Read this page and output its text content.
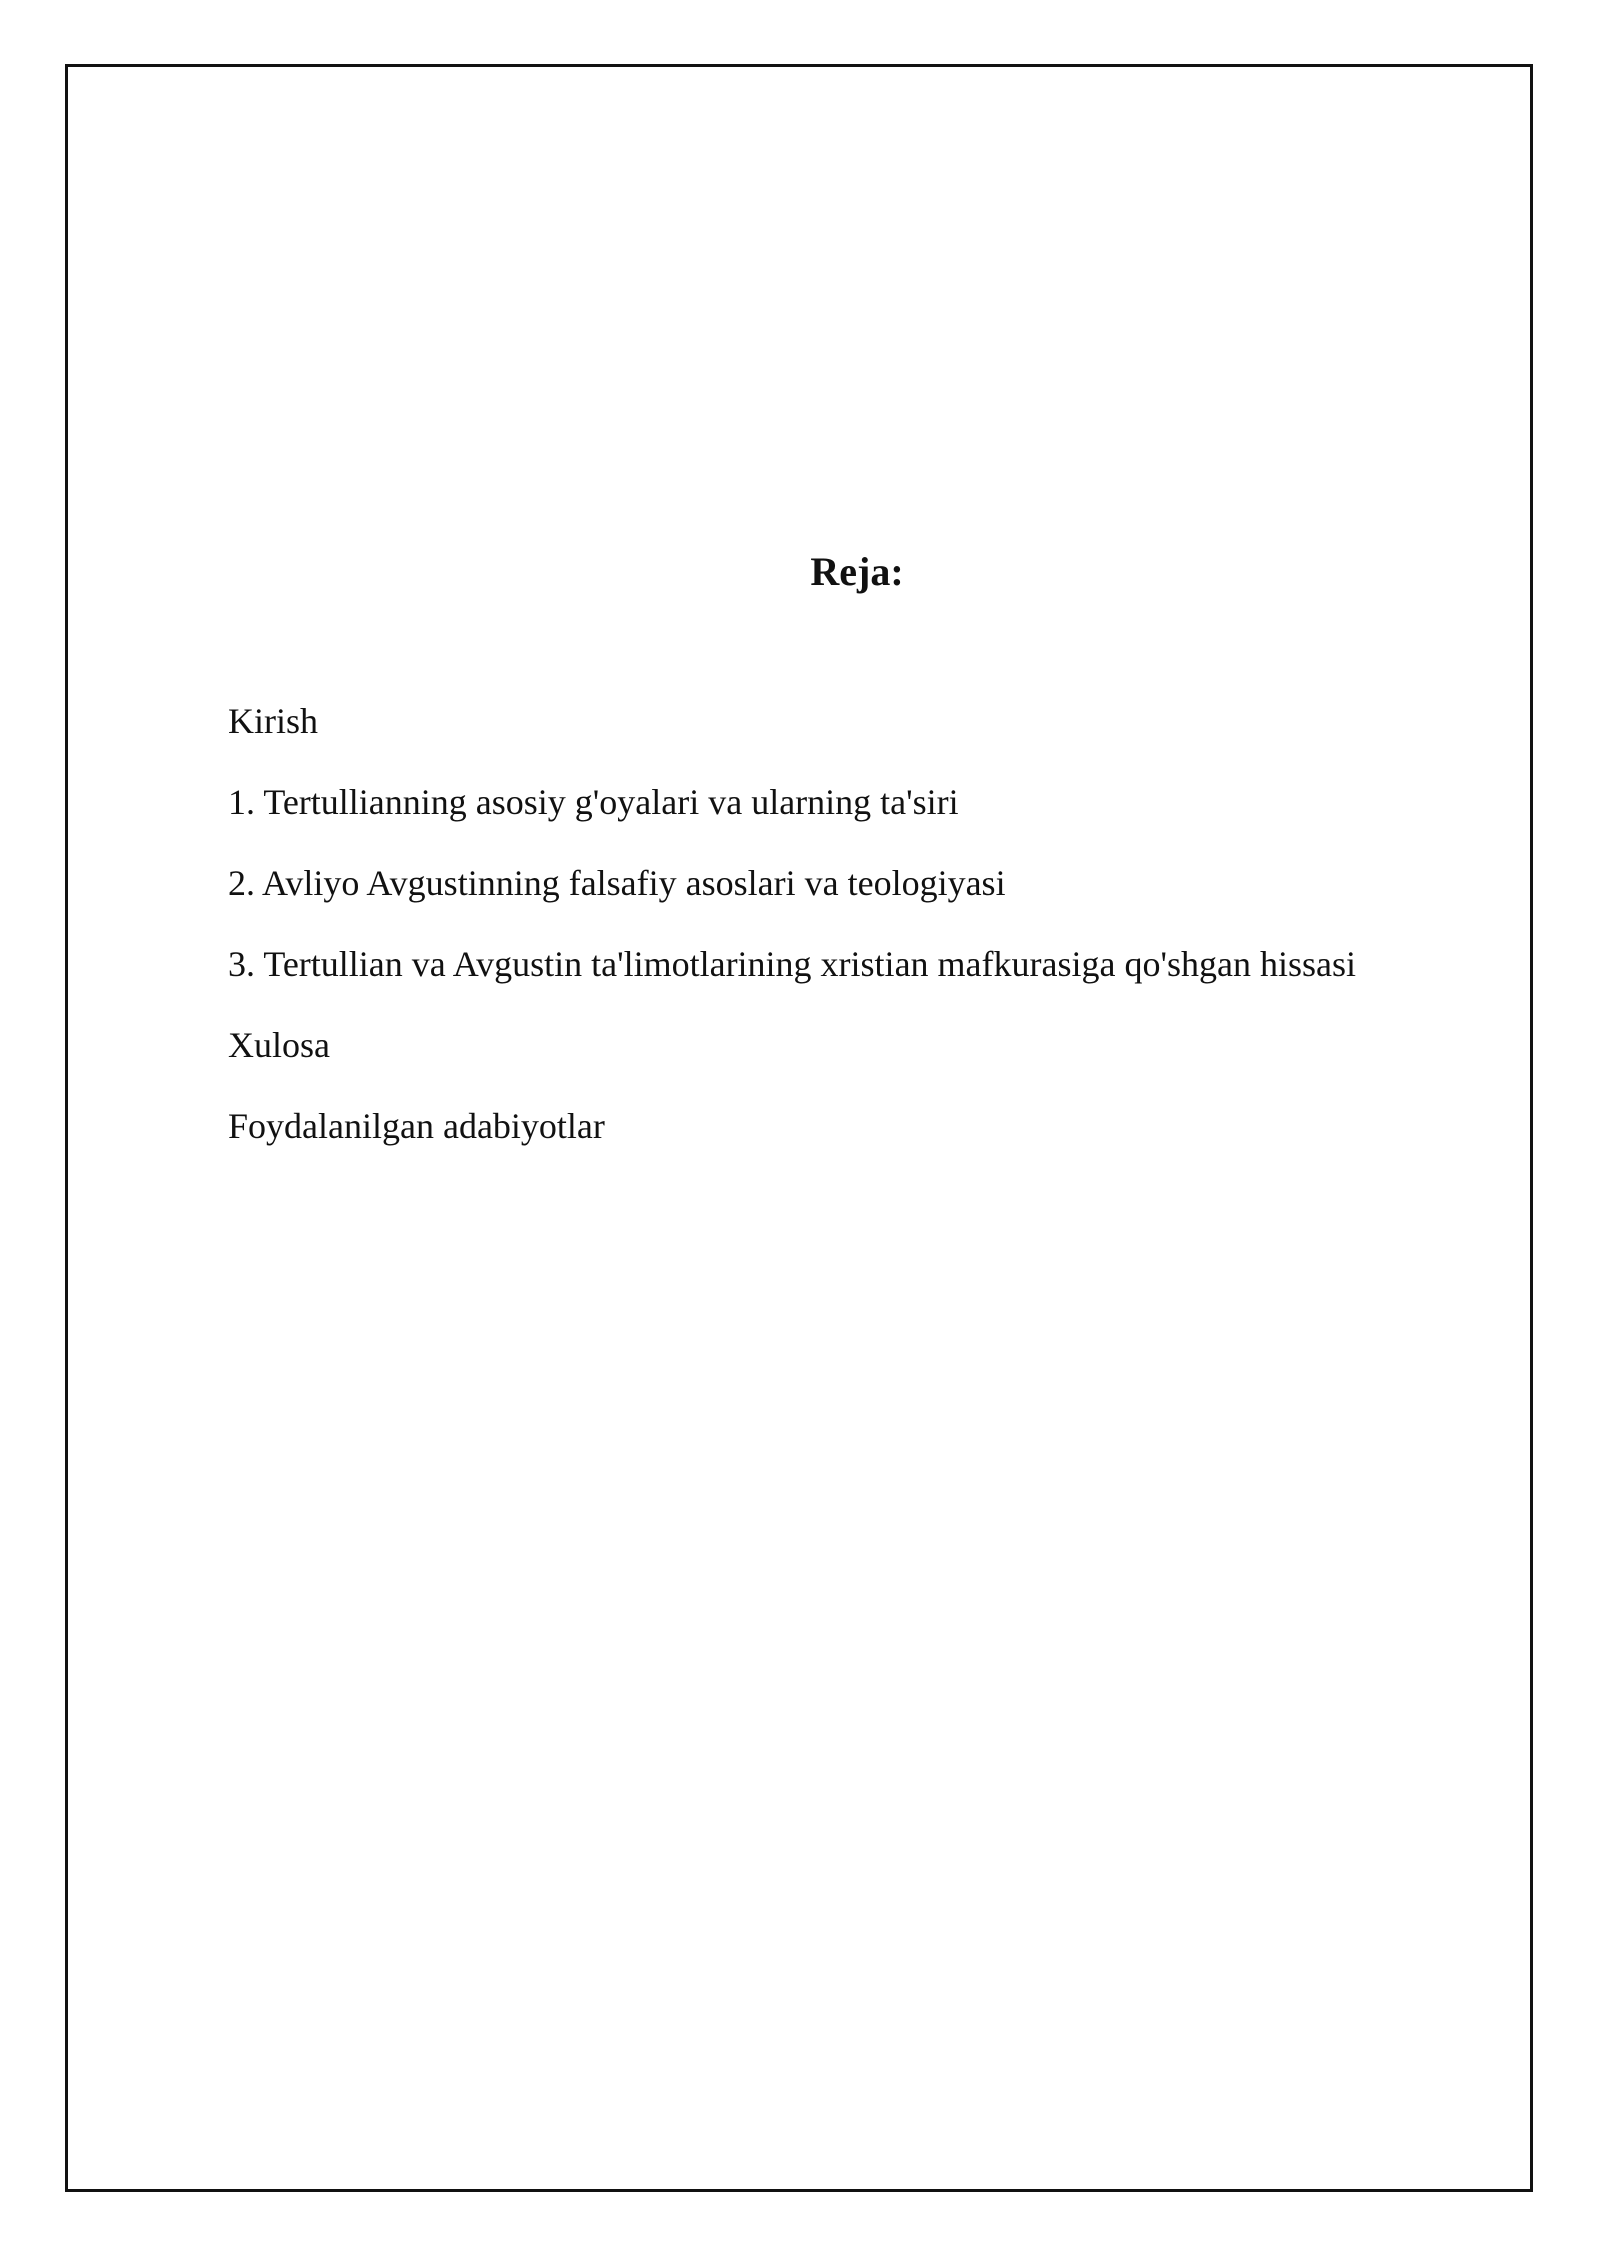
Reja:
Kirish
1. Tertullianning asosiy g'oyalari va ularning ta'siri
2. Avliyo Avgustinning falsafiy asoslari va teologiyasi
3. Tertullian va Avgustin ta'limotlarining xristian mafkurasiga qo'shgan hissasi
Xulosa
Foydalanilgan adabiyotlar
